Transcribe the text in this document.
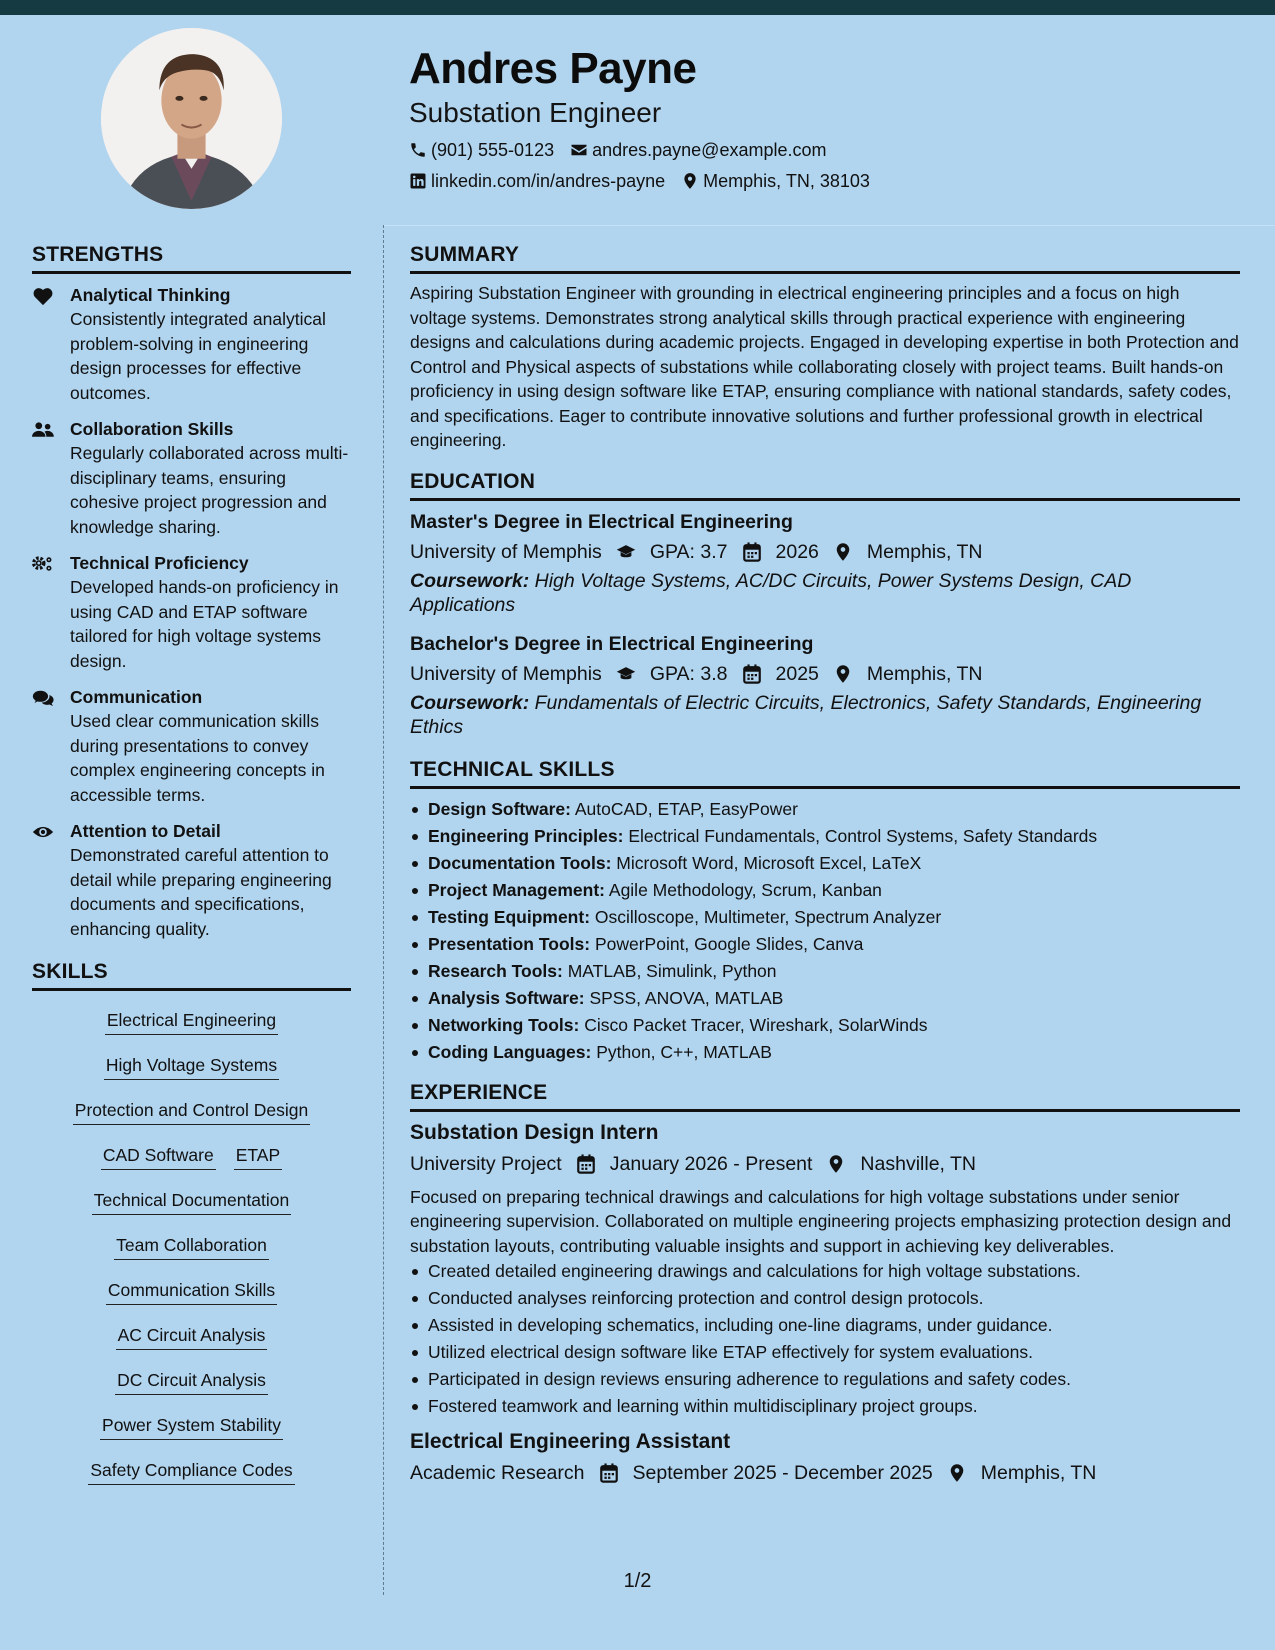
Andres Payne
Substation Engineer
(901) 555-0123 andres.payne@example.com
linkedin.com/in/andres-payne Memphis, TN, 38103
STRENGTHS
Analytical Thinking
Consistently integrated analytical problem-solving in engineering design processes for effective outcomes.
Collaboration Skills
Regularly collaborated across multi-disciplinary teams, ensuring cohesive project progression and knowledge sharing.
Technical Proficiency
Developed hands-on proficiency in using CAD and ETAP software tailored for high voltage systems design.
Communication
Used clear communication skills during presentations to convey complex engineering concepts in accessible terms.
Attention to Detail
Demonstrated careful attention to detail while preparing engineering documents and specifications, enhancing quality.
SKILLS
Electrical Engineering
High Voltage Systems
Protection and Control Design
CAD Software ETAP
Technical Documentation
Team Collaboration
Communication Skills
AC Circuit Analysis
DC Circuit Analysis
Power System Stability
Safety Compliance Codes
SUMMARY
Aspiring Substation Engineer with grounding in electrical engineering principles and a focus on high voltage systems. Demonstrates strong analytical skills through practical experience with engineering designs and calculations during academic projects. Engaged in developing expertise in both Protection and Control and Physical aspects of substations while collaborating closely with project teams. Built hands-on proficiency in using design software like ETAP, ensuring compliance with national standards, safety codes, and specifications. Eager to contribute innovative solutions and further professional growth in electrical engineering.
EDUCATION
Master's Degree in Electrical Engineering
University of Memphis GPA: 3.7 2026 Memphis, TN
Coursework: High Voltage Systems, AC/DC Circuits, Power Systems Design, CAD Applications
Bachelor's Degree in Electrical Engineering
University of Memphis GPA: 3.8 2025 Memphis, TN
Coursework: Fundamentals of Electric Circuits, Electronics, Safety Standards, Engineering Ethics
TECHNICAL SKILLS
Design Software: AutoCAD, ETAP, EasyPower
Engineering Principles: Electrical Fundamentals, Control Systems, Safety Standards
Documentation Tools: Microsoft Word, Microsoft Excel, LaTeX
Project Management: Agile Methodology, Scrum, Kanban
Testing Equipment: Oscilloscope, Multimeter, Spectrum Analyzer
Presentation Tools: PowerPoint, Google Slides, Canva
Research Tools: MATLAB, Simulink, Python
Analysis Software: SPSS, ANOVA, MATLAB
Networking Tools: Cisco Packet Tracer, Wireshark, SolarWinds
Coding Languages: Python, C++, MATLAB
EXPERIENCE
Substation Design Intern
University Project January 2026 - Present Nashville, TN
Focused on preparing technical drawings and calculations for high voltage substations under senior engineering supervision. Collaborated on multiple engineering projects emphasizing protection design and substation layouts, contributing valuable insights and support in achieving key deliverables.
Created detailed engineering drawings and calculations for high voltage substations.
Conducted analyses reinforcing protection and control design protocols.
Assisted in developing schematics, including one-line diagrams, under guidance.
Utilized electrical design software like ETAP effectively for system evaluations.
Participated in design reviews ensuring adherence to regulations and safety codes.
Fostered teamwork and learning within multidisciplinary project groups.
Electrical Engineering Assistant
Academic Research September 2025 - December 2025 Memphis, TN
1/2
